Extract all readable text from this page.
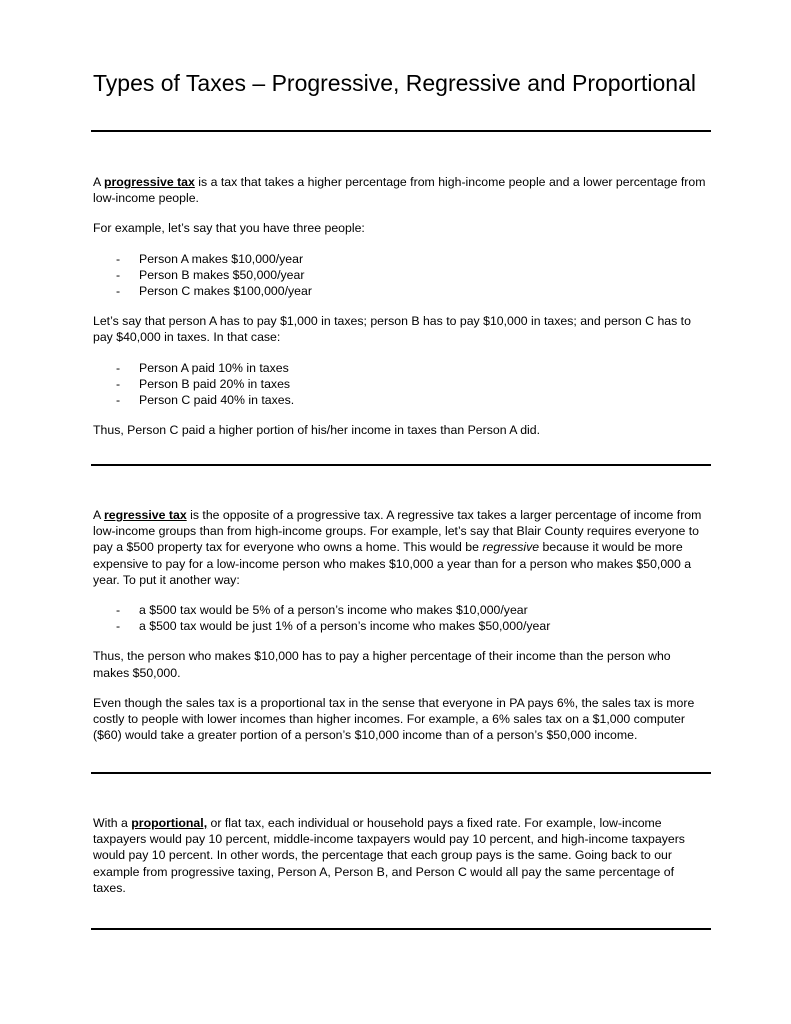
Types of Taxes – Progressive, Regressive and Proportional

A progressive tax is a tax that takes a higher percentage from high-income people and a lower percentage from low-income people.

For example, let’s say that you have three people:

- Person A makes $10,000/year
- Person B makes $50,000/year
- Person C makes $100,000/year

Let’s say that person A has to pay $1,000 in taxes; person B has to pay $10,000 in taxes; and person C has to pay $40,000 in taxes. In that case:

- Person A paid 10% in taxes
- Person B paid 20% in taxes
- Person C paid 40% in taxes.

Thus, Person C paid a higher portion of his/her income in taxes than Person A did.

A regressive tax is the opposite of a progressive tax. A regressive tax takes a larger percentage of income from low-income groups than from high-income groups. For example, let’s say that Blair County requires everyone to pay a $500 property tax for everyone who owns a home. This would be regressive because it would be more expensive to pay for a low-income person who makes $10,000 a year than for a person who makes $50,000 a year. To put it another way:

- a $500 tax would be 5% of a person’s income who makes $10,000/year
- a $500 tax would be just 1% of a person’s income who makes $50,000/year

Thus, the person who makes $10,000 has to pay a higher percentage of their income than the person who makes $50,000.

Even though the sales tax is a proportional tax in the sense that everyone in PA pays 6%, the sales tax is more costly to people with lower incomes than higher incomes. For example, a 6% sales tax on a $1,000 computer ($60) would take a greater portion of a person’s $10,000 income than of a person’s $50,000 income.

With a proportional, or flat tax, each individual or household pays a fixed rate. For example, low-income taxpayers would pay 10 percent, middle-income taxpayers would pay 10 percent, and high-income taxpayers would pay 10 percent. In other words, the percentage that each group pays is the same. Going back to our example from progressive taxing, Person A, Person B, and Person C would all pay the same percentage of taxes.
